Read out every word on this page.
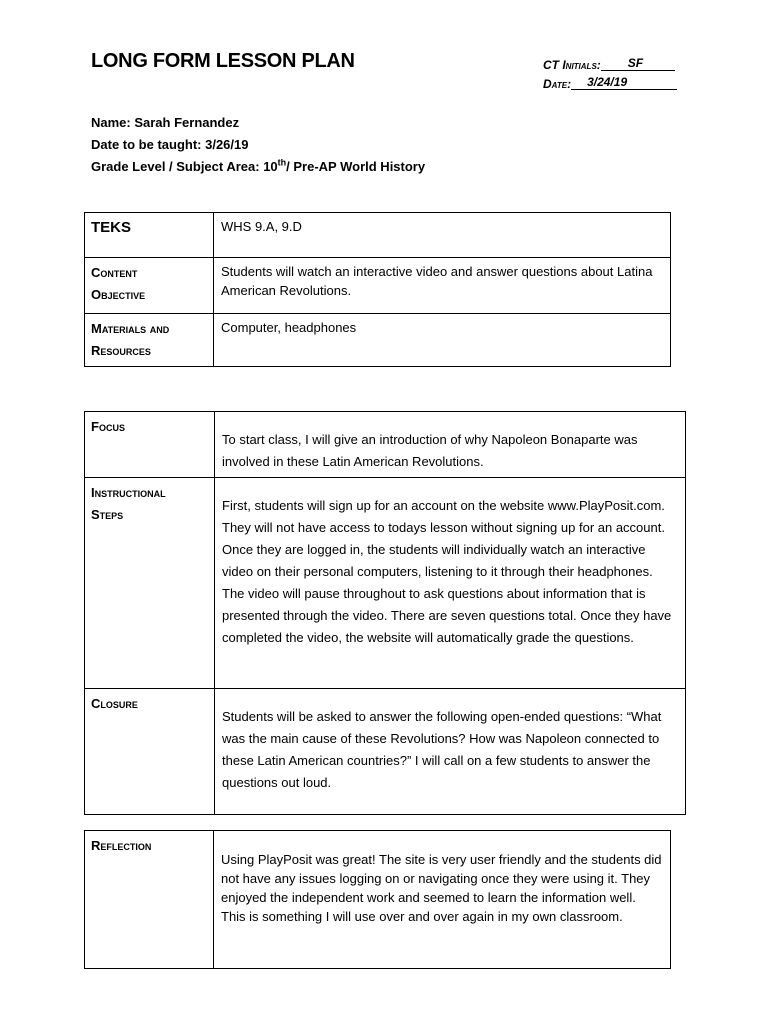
LONG FORM LESSON PLAN	CT Initials:	SF
Date:	3/24/19
Name: Sarah Fernandez
Date to be taught: 3/26/19
Grade Level / Subject Area: 10th/ Pre-AP World History
TEKS	WHS 9.A, 9.D

Content
Objective	Students will watch an interactive video and answer questions about Latina American Revolutions.

Materials and
Resources	Computer, headphones
Focus	To start class, I will give an introduction of why Napoleon Bonaparte was involved in these Latin American Revolutions.

Instructional
Steps	First, students will sign up for an account on the website www.PlayPosit.com. They will not have access to todays lesson without signing up for an account. Once they are logged in, the students will individually watch an interactive video on their personal computers, listening to it through their headphones. The video will pause throughout to ask questions about information that is presented through the video. There are seven questions total. Once they have completed the video, the website will automatically grade the questions.
Closure	Students will be asked to answer the following open-ended questions: “What was the main cause of these Revolutions? How was Napoleon connected to these Latin American countries?” I will call on a few students to answer the questions out loud.
Reflection	Using PlayPosit was great! The site is very user friendly and the students did not have any issues logging on or navigating once they were using it. They enjoyed the independent work and seemed to learn the information well. This is something I will use over and over again in my own classroom.
